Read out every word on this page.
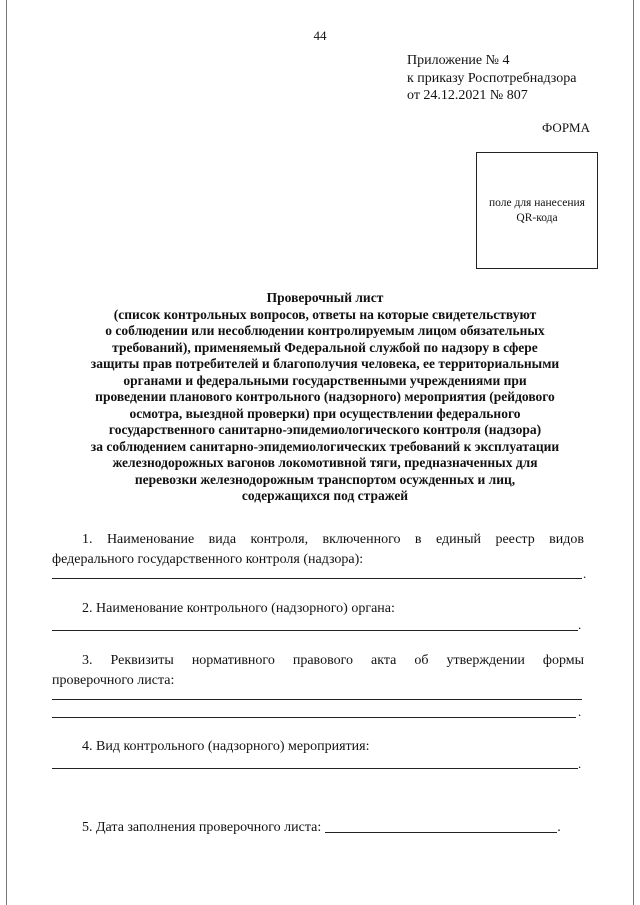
44
Приложение № 4
к приказу Роспотребнадзора
от 24.12.2021 № 807
ФОРМА
поле для нанесения
QR-кода
Проверочный лист
(список контрольных вопросов, ответы на которые свидетельствуют
о соблюдении или несоблюдении контролируемым лицом обязательных
требований), применяемый Федеральной службой по надзору в сфере
защиты прав потребителей и благополучия человека, ее территориальными
органами и федеральными государственными учреждениями при
проведении планового контрольного (надзорного) мероприятия (рейдового
осмотра, выездной проверки) при осуществлении федерального
государственного санитарно-эпидемиологического контроля (надзора)
за соблюдением санитарно-эпидемиологических требований к эксплуатации
железнодорожных вагонов локомотивной тяги, предназначенных для
перевозки железнодорожным транспортом осужденных и лиц,
содержащихся под стражей
1. Наименование вида контроля, включенного в единый реестр видов
федерального государственного контроля (надзора):
.
2. Наименование контрольного (надзорного) органа:
.
3. Реквизиты нормативного правового акта об утверждении формы
проверочного листа:
.
4. Вид контрольного (надзорного) мероприятия:
.
5. Дата заполнения проверочного листа:	.
